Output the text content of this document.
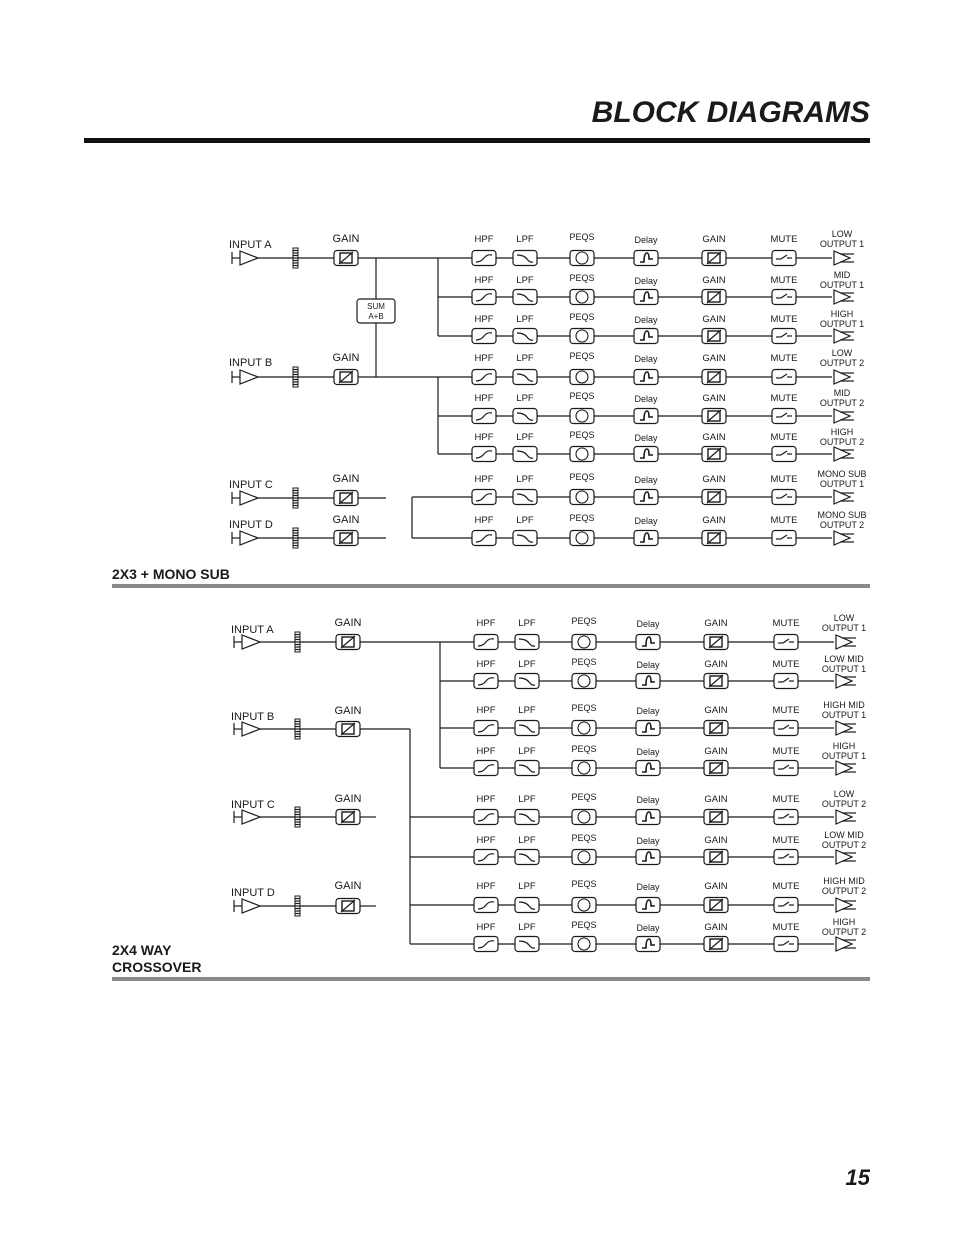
BLOCK DIAGRAMS
HPF LPF	PEQS	Delay	GAIN	MUTE	LOW
OUTPUT 1
HPF LPF	PEQS	Delay	GAIN	MUTE	MID
OUTPUT 1
HPF LPF	PEQS	Delay	GAIN	MUTE	HIGH
OUTPUT 1
HPF LPF	PEQS	Delay	GAIN	MUTE	LOW
OUTPUT 2
HPF LPF	PEQS	Delay	GAIN	MUTE	MID
OUTPUT 2
HPF LPF	PEQS	Delay	GAIN	MUTE	HIGH
OUTPUT 2
HPF LPF	PEQS	Delay	GAIN	MUTE MONO SUB
OUTPUT 1
HPF LPF	PEQS	Delay	GAIN	MUTE MONO SUB
OUTPUT 2
INPUT A	GAIN
INPUT B	GAIN
INPUT C	GAIN
INPUT D	GAIN
SUM
A+B
HPF LPF	PEQS	Delay	GAIN	MUTE	LOW
OUTPUT 1
HPF LPF	PEQS	Delay	GAIN	MUTE	LOW MID
OUTPUT 1
HPF LPF	PEQS	Delay	GAIN	MUTE	HIGH MID
OUTPUT 1
HPF LPF	PEQS	Delay	GAIN	MUTE	HIGH
OUTPUT 1
HPF LPF	PEQS	Delay	GAIN	MUTE	LOW
OUTPUT 2
HPF LPF	PEQS	Delay	GAIN	MUTE	LOW MID
OUTPUT 2
HPF LPF	PEQS	Delay	GAIN	MUTE	HIGH MID
OUTPUT 2
HPF LPF	PEQS	Delay	GAIN	MUTE	HIGH
OUTPUT 2
INPUT A
GAIN
INPUT B	GAIN
INPUT C	GAIN
INPUT D
GAIN
2X3 + MONO SUB
2X4 WAY
CROSSOVER
15
